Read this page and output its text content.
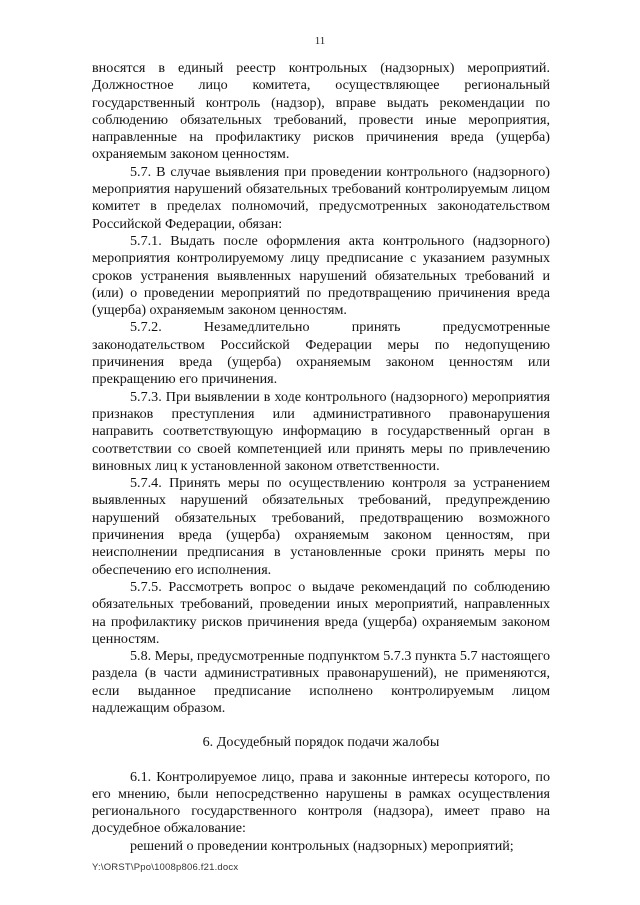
11

вносятся в единый реестр контрольных (надзорных) мероприятий. Должностное лицо комитета, осуществляющее региональный государственный контроль (надзор), вправе выдать рекомендации по соблюдению обязательных требований, провести иные мероприятия, направленные на профилактику рисков причинения вреда (ущерба) охраняемым законом ценностям.

5.7. В случае выявления при проведении контрольного (надзорного) мероприятия нарушений обязательных требований контролируемым лицом комитет в пределах полномочий, предусмотренных законодательством Российской Федерации, обязан:

5.7.1. Выдать после оформления акта контрольного (надзорного) мероприятия контролируемому лицу предписание с указанием разумных сроков устранения выявленных нарушений обязательных требований и (или) о проведении мероприятий по предотвращению причинения вреда (ущерба) охраняемым законом ценностям.

5.7.2. Незамедлительно принять предусмотренные законодательством Российской Федерации меры по недопущению причинения вреда (ущерба) охраняемым законом ценностям или прекращению его причинения.

5.7.3. При выявлении в ходе контрольного (надзорного) мероприятия признаков преступления или административного правонарушения направить соответствующую информацию в государственный орган в соответствии со своей компетенцией или принять меры по привлечению виновных лиц к установленной законом ответственности.

5.7.4. Принять меры по осуществлению контроля за устранением выявленных нарушений обязательных требований, предупреждению нарушений обязательных требований, предотвращению возможного причинения вреда (ущерба) охраняемым законом ценностям, при неисполнении предписания в установленные сроки принять меры по обеспечению его исполнения.

5.7.5. Рассмотреть вопрос о выдаче рекомендаций по соблюдению обязательных требований, проведении иных мероприятий, направленных на профилактику рисков причинения вреда (ущерба) охраняемым законом ценностям.

5.8. Меры, предусмотренные подпунктом 5.7.3 пункта 5.7 настоящего раздела (в части административных правонарушений), не применяются, если выданное предписание исполнено контролируемым лицом надлежащим образом.

6. Досудебный порядок подачи жалобы

6.1. Контролируемое лицо, права и законные интересы которого, по его мнению, были непосредственно нарушены в рамках осуществления регионального государственного контроля (надзора), имеет право на досудебное обжалование:

решений о проведении контрольных (надзорных) мероприятий;

Y:\ORST\Ppo\1008p806.f21.docx
